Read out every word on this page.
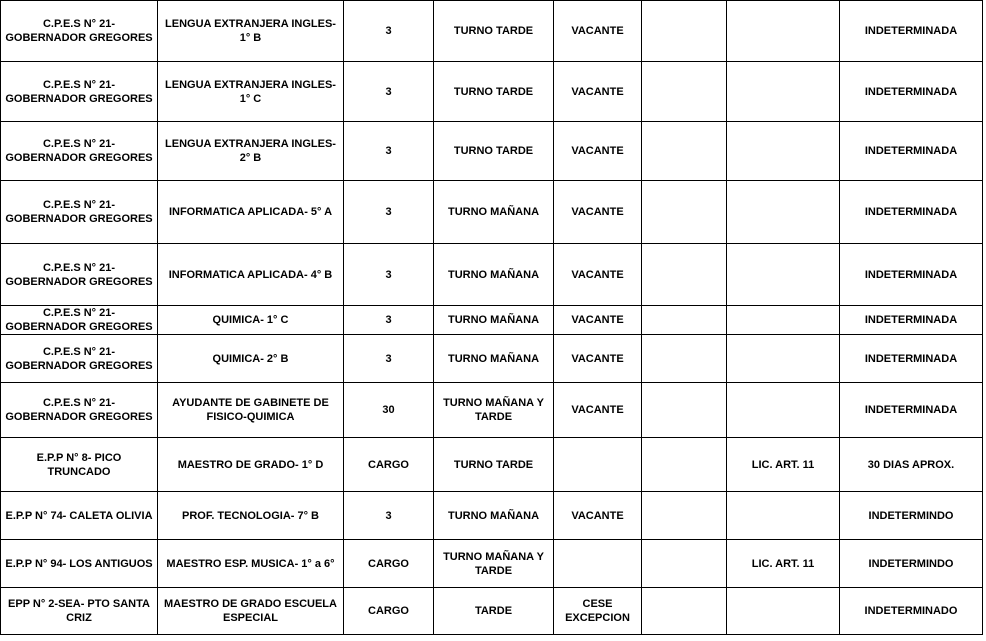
C.P.E.S N° 21- GOBERNADOR GREGORES	LENGUA EXTRANJERA INGLES-1° B	3	TURNO TARDE	VACANTE			INDETERMINADA
C.P.E.S N° 21- GOBERNADOR GREGORES	LENGUA EXTRANJERA INGLES-1° C	3	TURNO TARDE	VACANTE			INDETERMINADA
C.P.E.S N° 21- GOBERNADOR GREGORES	LENGUA EXTRANJERA INGLES-2° B	3	TURNO TARDE	VACANTE			INDETERMINADA
C.P.E.S N° 21- GOBERNADOR GREGORES	INFORMATICA APLICADA- 5° A	3	TURNO MAÑANA	VACANTE			INDETERMINADA
C.P.E.S N° 21- GOBERNADOR GREGORES	INFORMATICA APLICADA- 4° B	3	TURNO MAÑANA	VACANTE			INDETERMINADA
C.P.E.S N° 21- GOBERNADOR GREGORES	QUIMICA- 1° C	3	TURNO MAÑANA	VACANTE			INDETERMINADA
C.P.E.S N° 21- GOBERNADOR GREGORES	QUIMICA- 2° B	3	TURNO MAÑANA	VACANTE			INDETERMINADA
C.P.E.S N° 21- GOBERNADOR GREGORES	AYUDANTE DE GABINETE DE FISICO-QUIMICA	30	TURNO MAÑANA Y TARDE	VACANTE			INDETERMINADA
E.P.P N° 8- PICO TRUNCADO	MAESTRO DE GRADO- 1° D	CARGO	TURNO TARDE			LIC. ART. 11	30 DIAS APROX.
E.P.P N° 74- CALETA OLIVIA	PROF. TECNOLOGIA- 7° B	3	TURNO MAÑANA	VACANTE			INDETERMINDO
E.P.P N° 94- LOS ANTIGUOS	MAESTRO ESP. MUSICA- 1° a 6°	CARGO	TURNO MAÑANA Y TARDE			LIC. ART. 11	INDETERMINDO
EPP N° 2-SEA- PTO SANTA CRIZ	MAESTRO DE GRADO ESCUELA ESPECIAL	CARGO	TARDE	CESE EXCEPCION			INDETERMINADO
